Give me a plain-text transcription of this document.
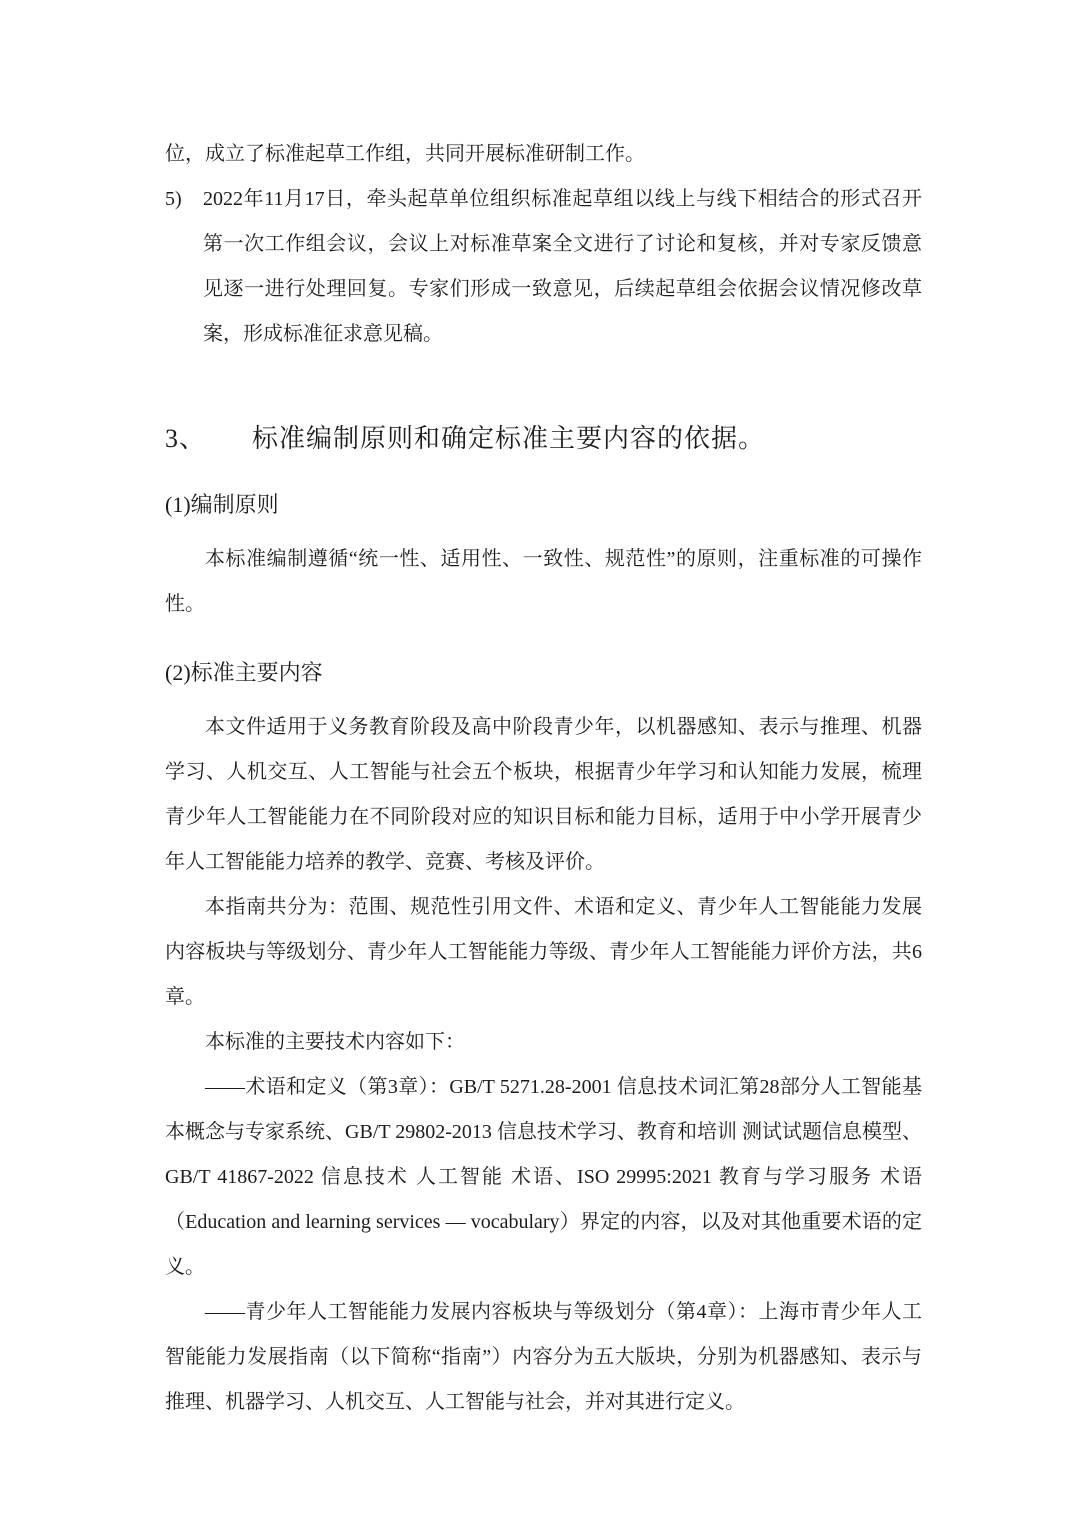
位，成立了标准起草工作组，共同开展标准研制工作。

5) 2022年11月17日，牵头起草单位组织标准起草组以线上与线下相结合的形式召开第一次工作组会议，会议上对标准草案全文进行了讨论和复核，并对专家反馈意见逐一进行处理回复。专家们形成一致意见，后续起草组会依据会议情况修改草案，形成标准征求意见稿。

3、 标准编制原则和确定标准主要内容的依据。
(1)编制原则

本标准编制遵循“统一性、适用性、一致性、规范性”的原则，注重标准的可操作性。

(2)标准主要内容

本文件适用于义务教育阶段及高中阶段青少年，以机器感知、表示与推理、机器学习、人机交互、人工智能与社会五个板块，根据青少年学习和认知能力发展，梳理青少年人工智能能力在不同阶段对应的知识目标和能力目标，适用于中小学开展青少年人工智能能力培养的教学、竞赛、考核及评价。

本指南共分为：范围、规范性引用文件、术语和定义、青少年人工智能能力发展内容板块与等级划分、青少年人工智能能力等级、青少年人工智能能力评价方法，共6章。

本标准的主要技术内容如下：

——术语和定义（第3章）：GB/T 5271.28-2001 信息技术词汇第28部分人工智能基本概念与专家系统、GB/T 29802-2013 信息技术学习、教育和培训 测试试题信息模型、GB/T 41867-2022 信息技术 人工智能 术语、ISO 29995:2021 教育与学习服务 术语（Education and learning services — vocabulary）界定的内容，以及对其他重要术语的定义。

——青少年人工智能能力发展内容板块与等级划分（第4章）：上海市青少年人工智能能力发展指南（以下简称“指南”）内容分为五大版块，分别为机器感知、表示与推理、机器学习、人机交互、人工智能与社会，并对其进行定义。
